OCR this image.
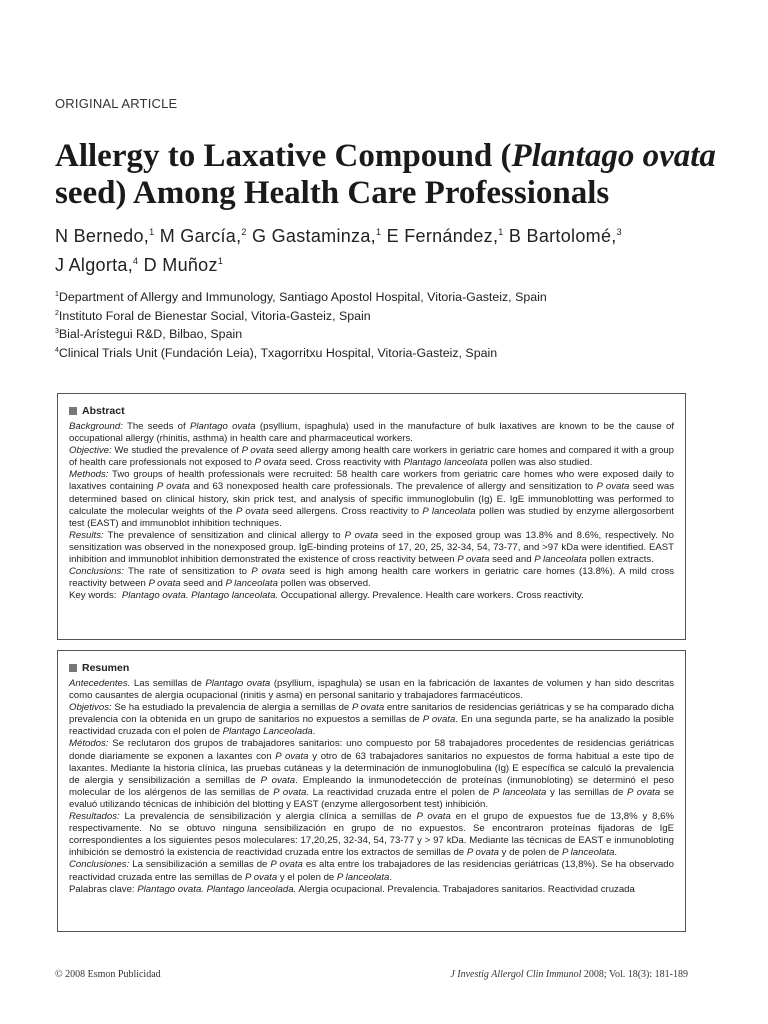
ORIGINAL ARTICLE
Allergy to Laxative Compound (Plantago ovata seed) Among Health Care Professionals
N Bernedo,$^1$ M García,$^2$ G Gastaminza,$^1$ E Fernández,$^1$ B Bartolomé,$^3$
J Algorta,$^4$ D Muñoz$^1$
$^1$Department of Allergy and Immunology, Santiago Apostol Hospital, Vitoria-Gasteiz, Spain
$^2$Instituto Foral de Bienestar Social, Vitoria-Gasteiz, Spain
$^3$Bial-Arístegui R&D, Bilbao, Spain
$^4$Clinical Trials Unit (Fundación Leia), Txagorritxu Hospital, Vitoria-Gasteiz, Spain
Abstract

Background: The seeds of Plantago ovata (psyllium, ispaghula) used in the manufacture of bulk laxatives are known to be the cause of occupational allergy (rhinitis, asthma) in health care and pharmaceutical workers.

Objective: We studied the prevalence of P ovata seed allergy among health care workers in geriatric care homes and compared it with a group of health care professionals not exposed to P ovata seed. Cross reactivity with Plantago lanceolata pollen was also studied.

Methods: Two groups of health professionals were recruited: 58 health care workers from geriatric care homes who were exposed daily to laxatives containing P ovata and 63 nonexposed health care professionals. The prevalence of allergy and sensitization to P ovata seed was determined based on clinical history, skin prick test, and analysis of specific immunoglobulin (Ig) E. IgE immunoblotting was performed to calculate the molecular weights of the P ovata seed allergens. Cross reactivity to P lanceolata pollen was studied by enzyme allergosorbent test (EAST) and immunoblot inhibition techniques.

Results: The prevalence of sensitization and clinical allergy to P ovata seed in the exposed group was 13.8% and 8.6%, respectively. No sensitization was observed in the nonexposed group. IgE-binding proteins of 17, 20, 25, 32-34, 54, 73-77, and >97 kDa were identified. EAST inhibition and immunoblot inhibition demonstrated the existence of cross reactivity between P ovata seed and P lanceolata pollen extracts.

Conclusions: The rate of sensitization to P ovata seed is high among health care workers in geriatric care homes (13.8%). A mild cross reactivity between P ovata seed and P lanceolata pollen was observed.

Key words: Plantago ovata. Plantago lanceolata. Occupational allergy. Prevalence. Health care workers. Cross reactivity.

Resumen

Antecedentes. Las semillas de Plantago ovata (psyllium, ispaghula) se usan en la fabricación de laxantes de volumen y han sido descritas como causantes de alergia ocupacional (rinitis y asma) en personal sanitario y trabajadores farmacéuticos.

Objetivos: Se ha estudiado la prevalencia de alergia a semillas de P ovata entre sanitarios de residencias geriátricas y se ha comparado dicha prevalencia con la obtenida en un grupo de sanitarios no expuestos a semillas de P ovata. En una segunda parte, se ha analizado la posible reactividad cruzada con el polen de Plantago Lanceolada.

Métodos: Se reclutaron dos grupos de trabajadores sanitarios: uno compuesto por 58 trabajadores procedentes de residencias geriátricas donde diariamente se exponen a laxantes con P ovata y otro de 63 trabajadores sanitarios no expuestos de forma habitual a este tipo de laxantes. Mediante la historia clínica, las pruebas cutáneas y la determinación de inmunoglobulina (Ig) E específica se calculó la prevalencia de alergia y sensibilización a semillas de P ovata. Empleando la inmunodetección de proteínas (inmunobloting) se determinó el peso molecular de los alérgenos de las semillas de P ovata. La reactividad cruzada entre el polen de P lanceolata y las semillas de P ovata se evaluó utilizando técnicas de inhibición del blotting y EAST (enzyme allergosorbent test) inhibición.

Resultados: La prevalencia de sensibilización y alergia clínica a semillas de P ovata en el grupo de expuestos fue de 13,8% y 8,6% respectivamente. No se obtuvo ninguna sensibilización en grupo de no expuestos. Se encontraron proteínas fijadoras de IgE correspondientes a los siguientes pesos moleculares: 17,20,25, 32-34, 54, 73-77 y > 97 kDa. Mediante las técnicas de EAST e inmunobloting inhibición se demostró la existencia de reactividad cruzada entre los extractos de semillas de P ovata y de polen de P lanceolata.

Conclusiones: La sensibilización a semillas de P ovata es alta entre los trabajadores de las residencias geriátricas (13,8%). Se ha observado reactividad cruzada entre las semillas de P ovata y el polen de P lanceolata.

Palabras clave: Plantago ovata. Plantago lanceolada. Alergia ocupacional. Prevalencia. Trabajadores sanitarios. Reactividad cruzada

© 2008 Esmon Publicidad	J Investig Allergol Clin Immunol 2008; Vol. 18(3): 181-189
